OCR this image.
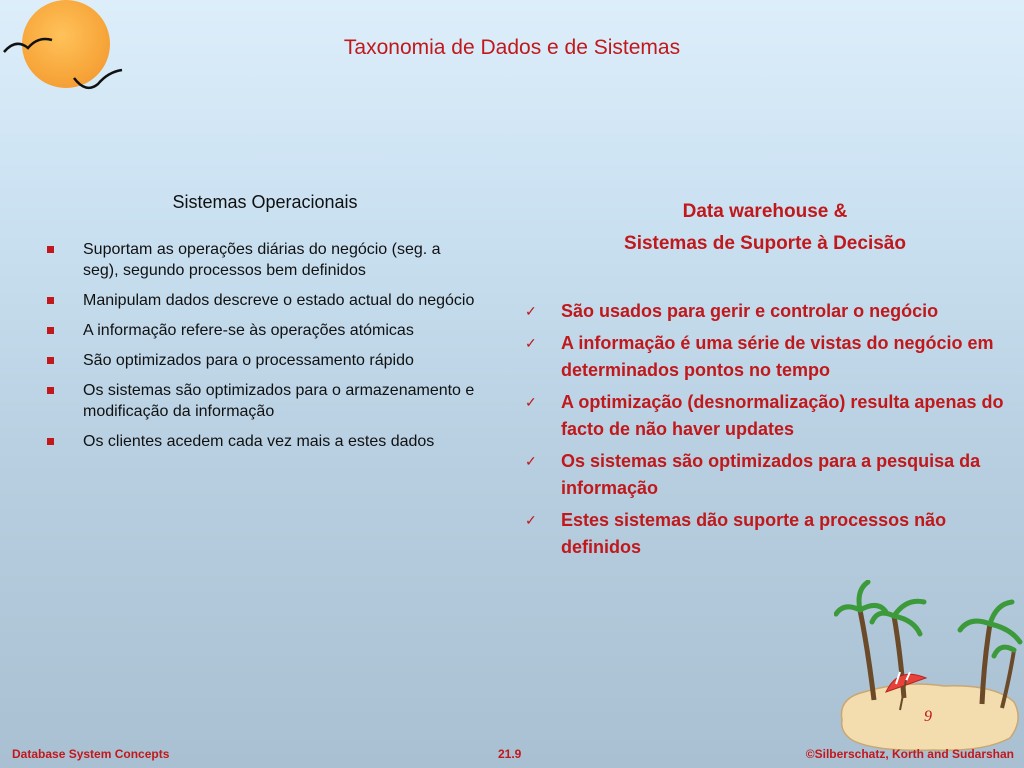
Taxonomia de Dados e de Sistemas
Sistemas Operacionais
Suportam as operações diárias do negócio (seg. a seg), segundo processos bem definidos
Manipulam dados descreve o estado actual do negócio
A informação refere-se às operações atómicas
São optimizados para o processamento rápido
Os sistemas são optimizados para o armazenamento e modificação da informação
Os clientes acedem cada vez mais a estes dados
Data warehouse &
Sistemas de Suporte à Decisão
✓ São usados para gerir e controlar o negócio
✓ A informação é uma série de vistas do negócio em determinados pontos no tempo
✓ A optimização (desnormalização) resulta apenas do facto de não haver updates
✓ Os sistemas são optimizados para a pesquisa da informação
✓ Estes sistemas dão suporte a processos não definidos
9
Database System Concepts	21.9	©Silberschatz, Korth and Sudarshan
